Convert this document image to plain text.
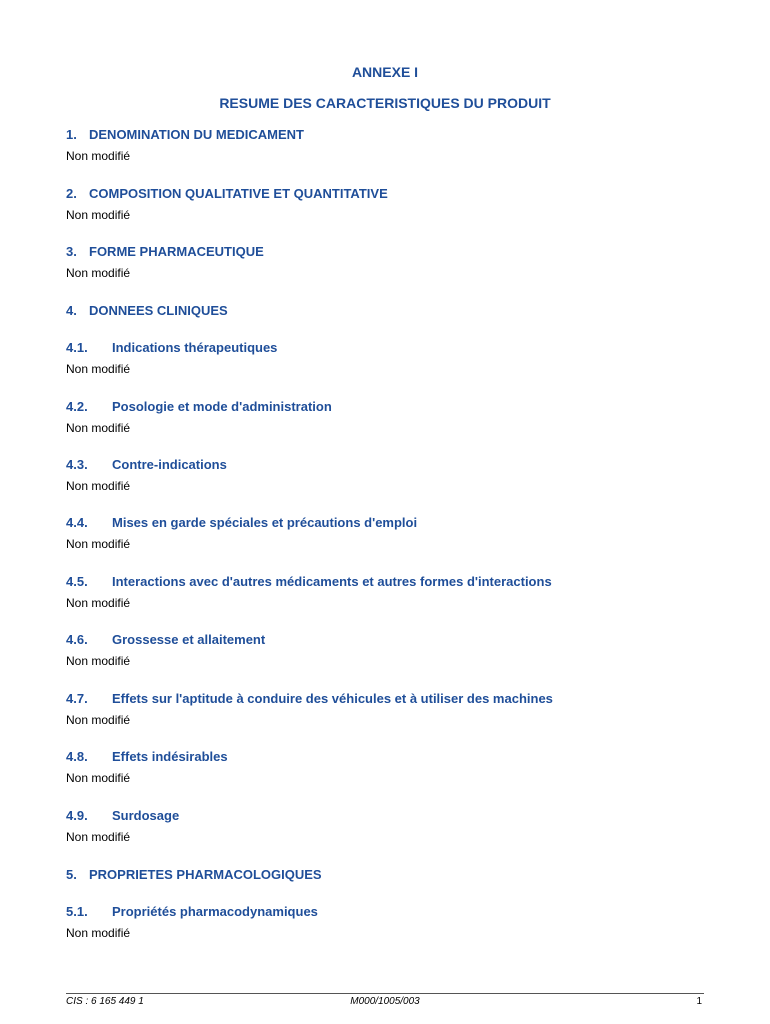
ANNEXE I
RESUME DES CARACTERISTIQUES DU PRODUIT
1. DENOMINATION DU MEDICAMENT
Non modifié
2. COMPOSITION QUALITATIVE ET QUANTITATIVE
Non modifié
3. FORME PHARMACEUTIQUE
Non modifié
4. DONNEES CLINIQUES
4.1. Indications thérapeutiques
Non modifié
4.2. Posologie et mode d'administration
Non modifié
4.3. Contre-indications
Non modifié
4.4. Mises en garde spéciales et précautions d'emploi
Non modifié
4.5. Interactions avec d'autres médicaments et autres formes d'interactions
Non modifié
4.6. Grossesse et allaitement
Non modifié
4.7. Effets sur l'aptitude à conduire des véhicules et à utiliser des machines
Non modifié
4.8. Effets indésirables
Non modifié
4.9. Surdosage
Non modifié
5. PROPRIETES PHARMACOLOGIQUES
5.1. Propriétés pharmacodynamiques
Non modifié
CIS : 6 165 449 1	M000/1005/003	1
